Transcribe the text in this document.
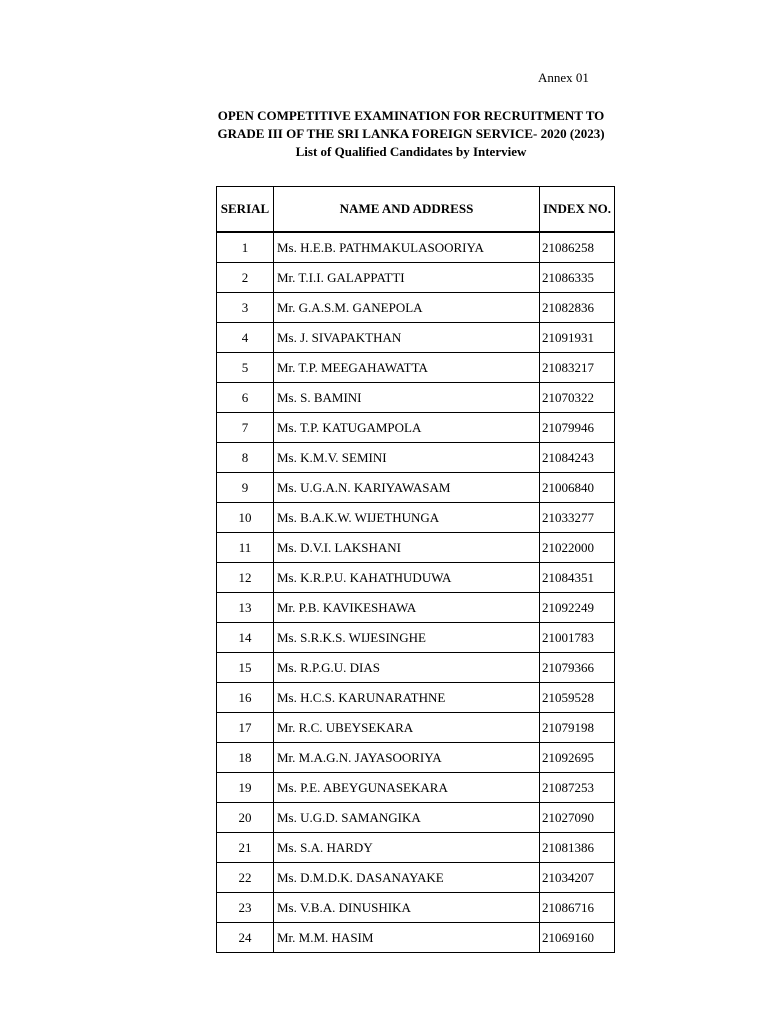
Annex 01
OPEN COMPETITIVE EXAMINATION FOR RECRUITMENT TO
GRADE III OF THE SRI LANKA FOREIGN SERVICE- 2020 (2023)
List of Qualified Candidates by Interview
SERIAL	NAME AND ADDRESS	INDEX NO.
1	Ms. H.E.B. PATHMAKULASOORIYA	21086258
2	Mr. T.I.I. GALAPPATTI	21086335
3	Mr. G.A.S.M. GANEPOLA	21082836
4	Ms. J. SIVAPAKTHAN	21091931
5	Mr. T.P. MEEGAHAWATTA	21083217
6	Ms. S. BAMINI	21070322
7	Ms. T.P. KATUGAMPOLA	21079946
8	Ms. K.M.V. SEMINI	21084243
9	Ms. U.G.A.N. KARIYAWASAM	21006840
10	Ms. B.A.K.W. WIJETHUNGA	21033277
11	Ms. D.V.I. LAKSHANI	21022000
12	Ms. K.R.P.U. KAHATHUDUWA	21084351
13	Mr. P.B. KAVIKESHAWA	21092249
14	Ms. S.R.K.S. WIJESINGHE	21001783
15	Ms. R.P.G.U. DIAS	21079366
16	Ms. H.C.S. KARUNARATHNE	21059528
17	Mr. R.C. UBEYSEKARA	21079198
18	Mr. M.A.G.N. JAYASOORIYA	21092695
19	Ms. P.E. ABEYGUNASEKARA	21087253
20	Ms. U.G.D. SAMANGIKA	21027090
21	Ms. S.A. HARDY	21081386
22	Ms. D.M.D.K. DASANAYAKE	21034207
23	Ms. V.B.A. DINUSHIKA	21086716
24	Mr. M.M. HASIM	21069160
